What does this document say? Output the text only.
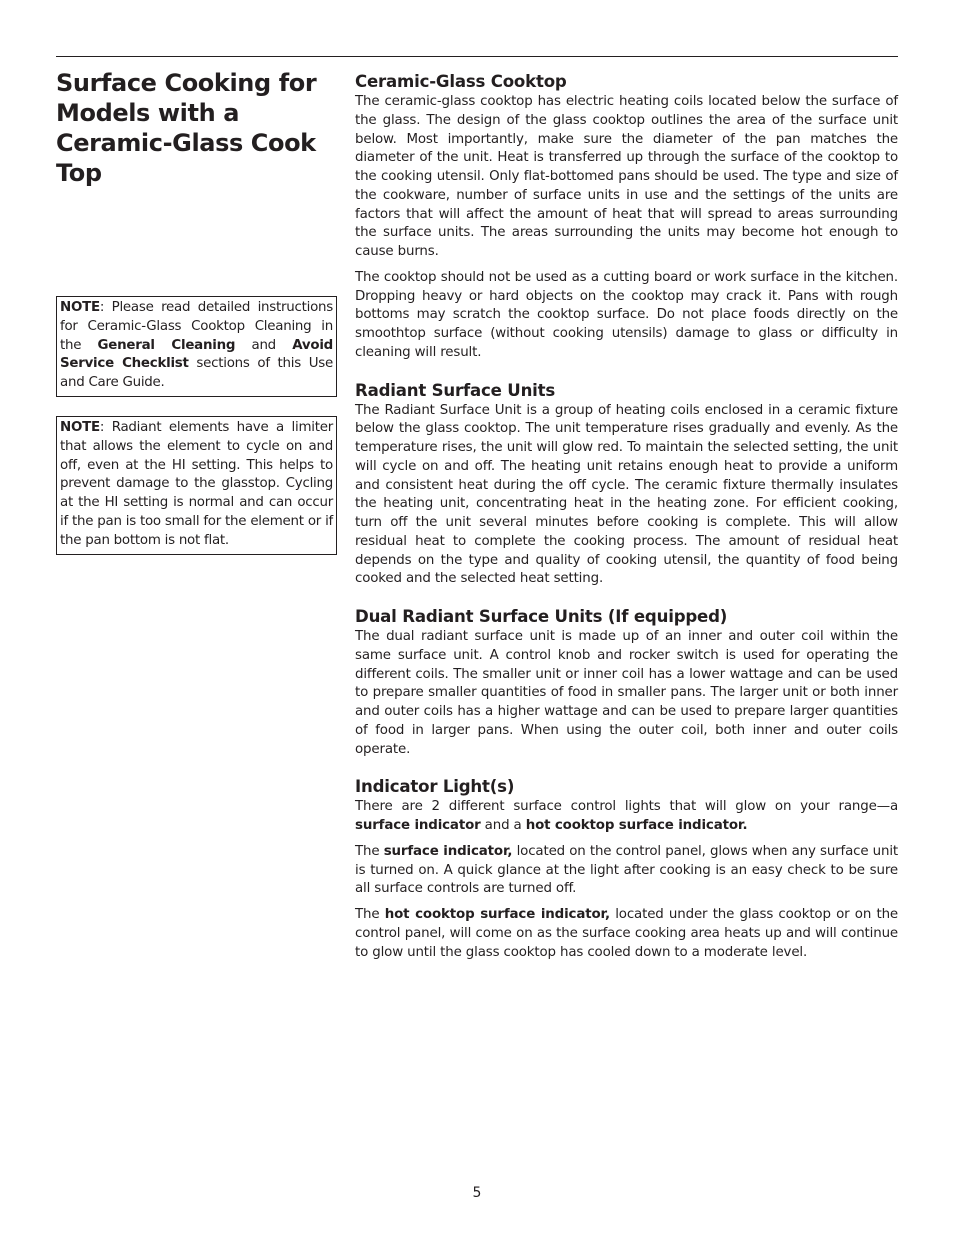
Surface Cooking for Models with a Ceramic-Glass Cook Top
NOTE: Please read detailed instructions for Ceramic-Glass Cooktop Cleaning in the General Cleaning and Avoid Service Checklist sections of this Use and Care Guide.
NOTE: Radiant elements have a limiter that allows the element to cycle on and off, even at the HI setting. This helps to prevent damage to the glasstop. Cycling at the HI setting is normal and can occur if the pan is too small for the element or if the pan bottom is not flat.
Ceramic-Glass Cooktop

The ceramic-glass cooktop has electric heating coils located below the surface of the glass. The design of the glass cooktop outlines the area of the surface unit below. Most importantly, make sure the diameter of the pan matches the diameter of the unit. Heat is transferred up through the surface of the cooktop to the cooking utensil. Only flat-bottomed pans should be used. The type and size of the cookware, number of surface units in use and the settings of the units are factors that will affect the amount of heat that will spread to areas surrounding the surface units. The areas surrounding the units may become hot enough to cause burns.

The cooktop should not be used as a cutting board or work surface in the kitchen. Dropping heavy or hard objects on the cooktop may crack it. Pans with rough bottoms may scratch the cooktop surface. Do not place foods directly on the smoothtop surface (without cooking utensils) damage to glass or difficulty in cleaning will result.

Radiant Surface Units

The Radiant Surface Unit is a group of heating coils enclosed in a ceramic fixture below the glass cooktop. The unit temperature rises gradually and evenly. As the temperature rises, the unit will glow red. To maintain the selected setting, the unit will cycle on and off. The heating unit retains enough heat to provide a uniform and consistent heat during the off cycle. The ceramic fixture thermally insulates the heating unit, concentrating heat in the heating zone. For efficient cooking, turn off the unit several minutes before cooking is complete. This will allow residual heat to complete the cooking process. The amount of residual heat depends on the type and quality of cooking utensil, the quantity of food being cooked and the selected heat setting.

Dual Radiant Surface Units (If equipped)

The dual radiant surface unit is made up of an inner and outer coil within the same surface unit. A control knob and rocker switch is used for operating the different coils. The smaller unit or inner coil has a lower wattage and can be used to prepare smaller quantities of food in smaller pans. The larger unit or both inner and outer coils has a higher wattage and can be used to prepare larger quantities of food in larger pans. When using the outer coil, both inner and outer coils operate.

Indicator Light(s)

There are 2 different surface control lights that will glow on your range—a surface indicator and a hot cooktop surface indicator.

The surface indicator, located on the control panel, glows when any surface unit is turned on. A quick glance at the light after cooking is an easy check to be sure all surface controls are turned off.

The hot cooktop surface indicator, located under the glass cooktop or on the control panel, will come on as the surface cooking area heats up and will continue to glow until the glass cooktop has cooled down to a moderate level.

5
